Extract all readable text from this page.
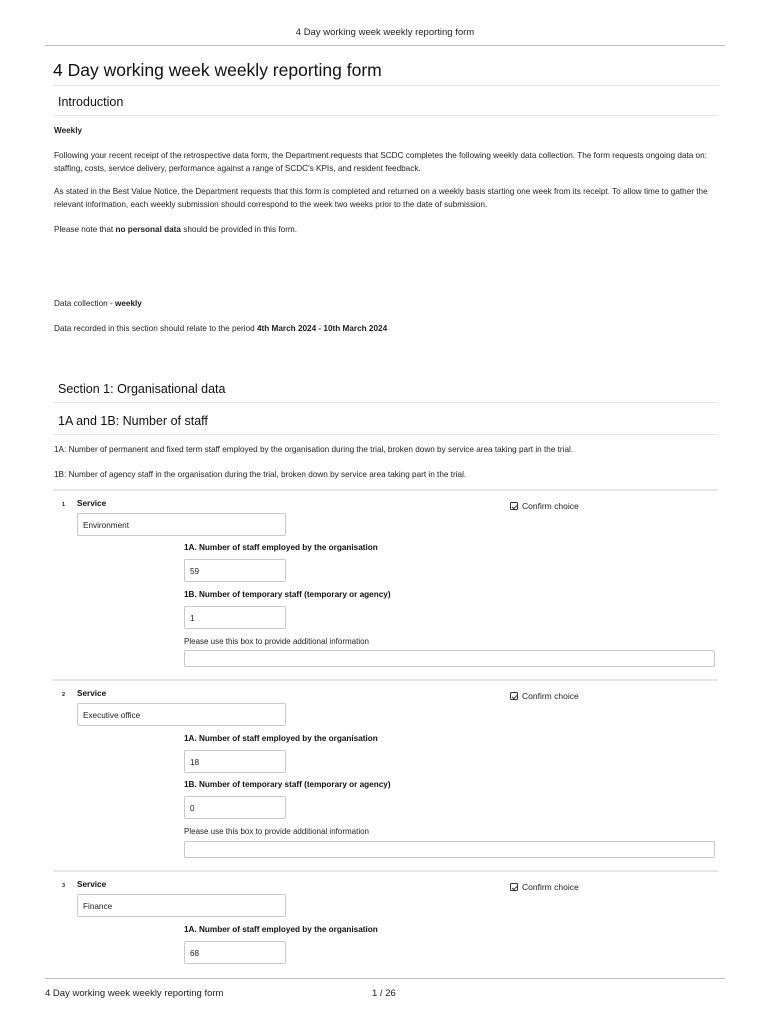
4 Day working week weekly reporting form
4 Day working week weekly reporting form
Introduction
Weekly
Following your recent receipt of the retrospective data form, the Department requests that SCDC completes the following weekly data collection. The form requests ongoing data on: staffing, costs, service delivery, performance against a range of SCDC's KPIs, and resident feedback.
As stated in the Best Value Notice, the Department requests that this form is completed and returned on a weekly basis starting one week from its receipt. To allow time to gather the relevant information, each weekly submission should correspond to the week two weeks prior to the date of submission.
Please note that no personal data should be provided in this form.
Data collection - weekly
Data recorded in this section should relate to the period 4th March 2024 - 10th March 2024
Section 1: Organisational data
1A and 1B: Number of staff
1A: Number of permanent and fixed term staff employed by the organisation during the trial, broken down by service area taking part in the trial.
1B: Number of agency staff in the organisation during the trial, broken down by service area taking part in the trial.
1 Service	Confirm choice
Environment
1A. Number of staff employed by the organisation
59
1B. Number of temporary staff (temporary or agency)
1
Please use this box to provide additional information
2 Service	Confirm choice
Executive office
1A. Number of staff employed by the organisation
18
1B. Number of temporary staff (temporary or agency)
0
Please use this box to provide additional information
3 Service	Confirm choice
Finance
1A. Number of staff employed by the organisation
68
4 Day working week weekly reporting form	1 / 26
